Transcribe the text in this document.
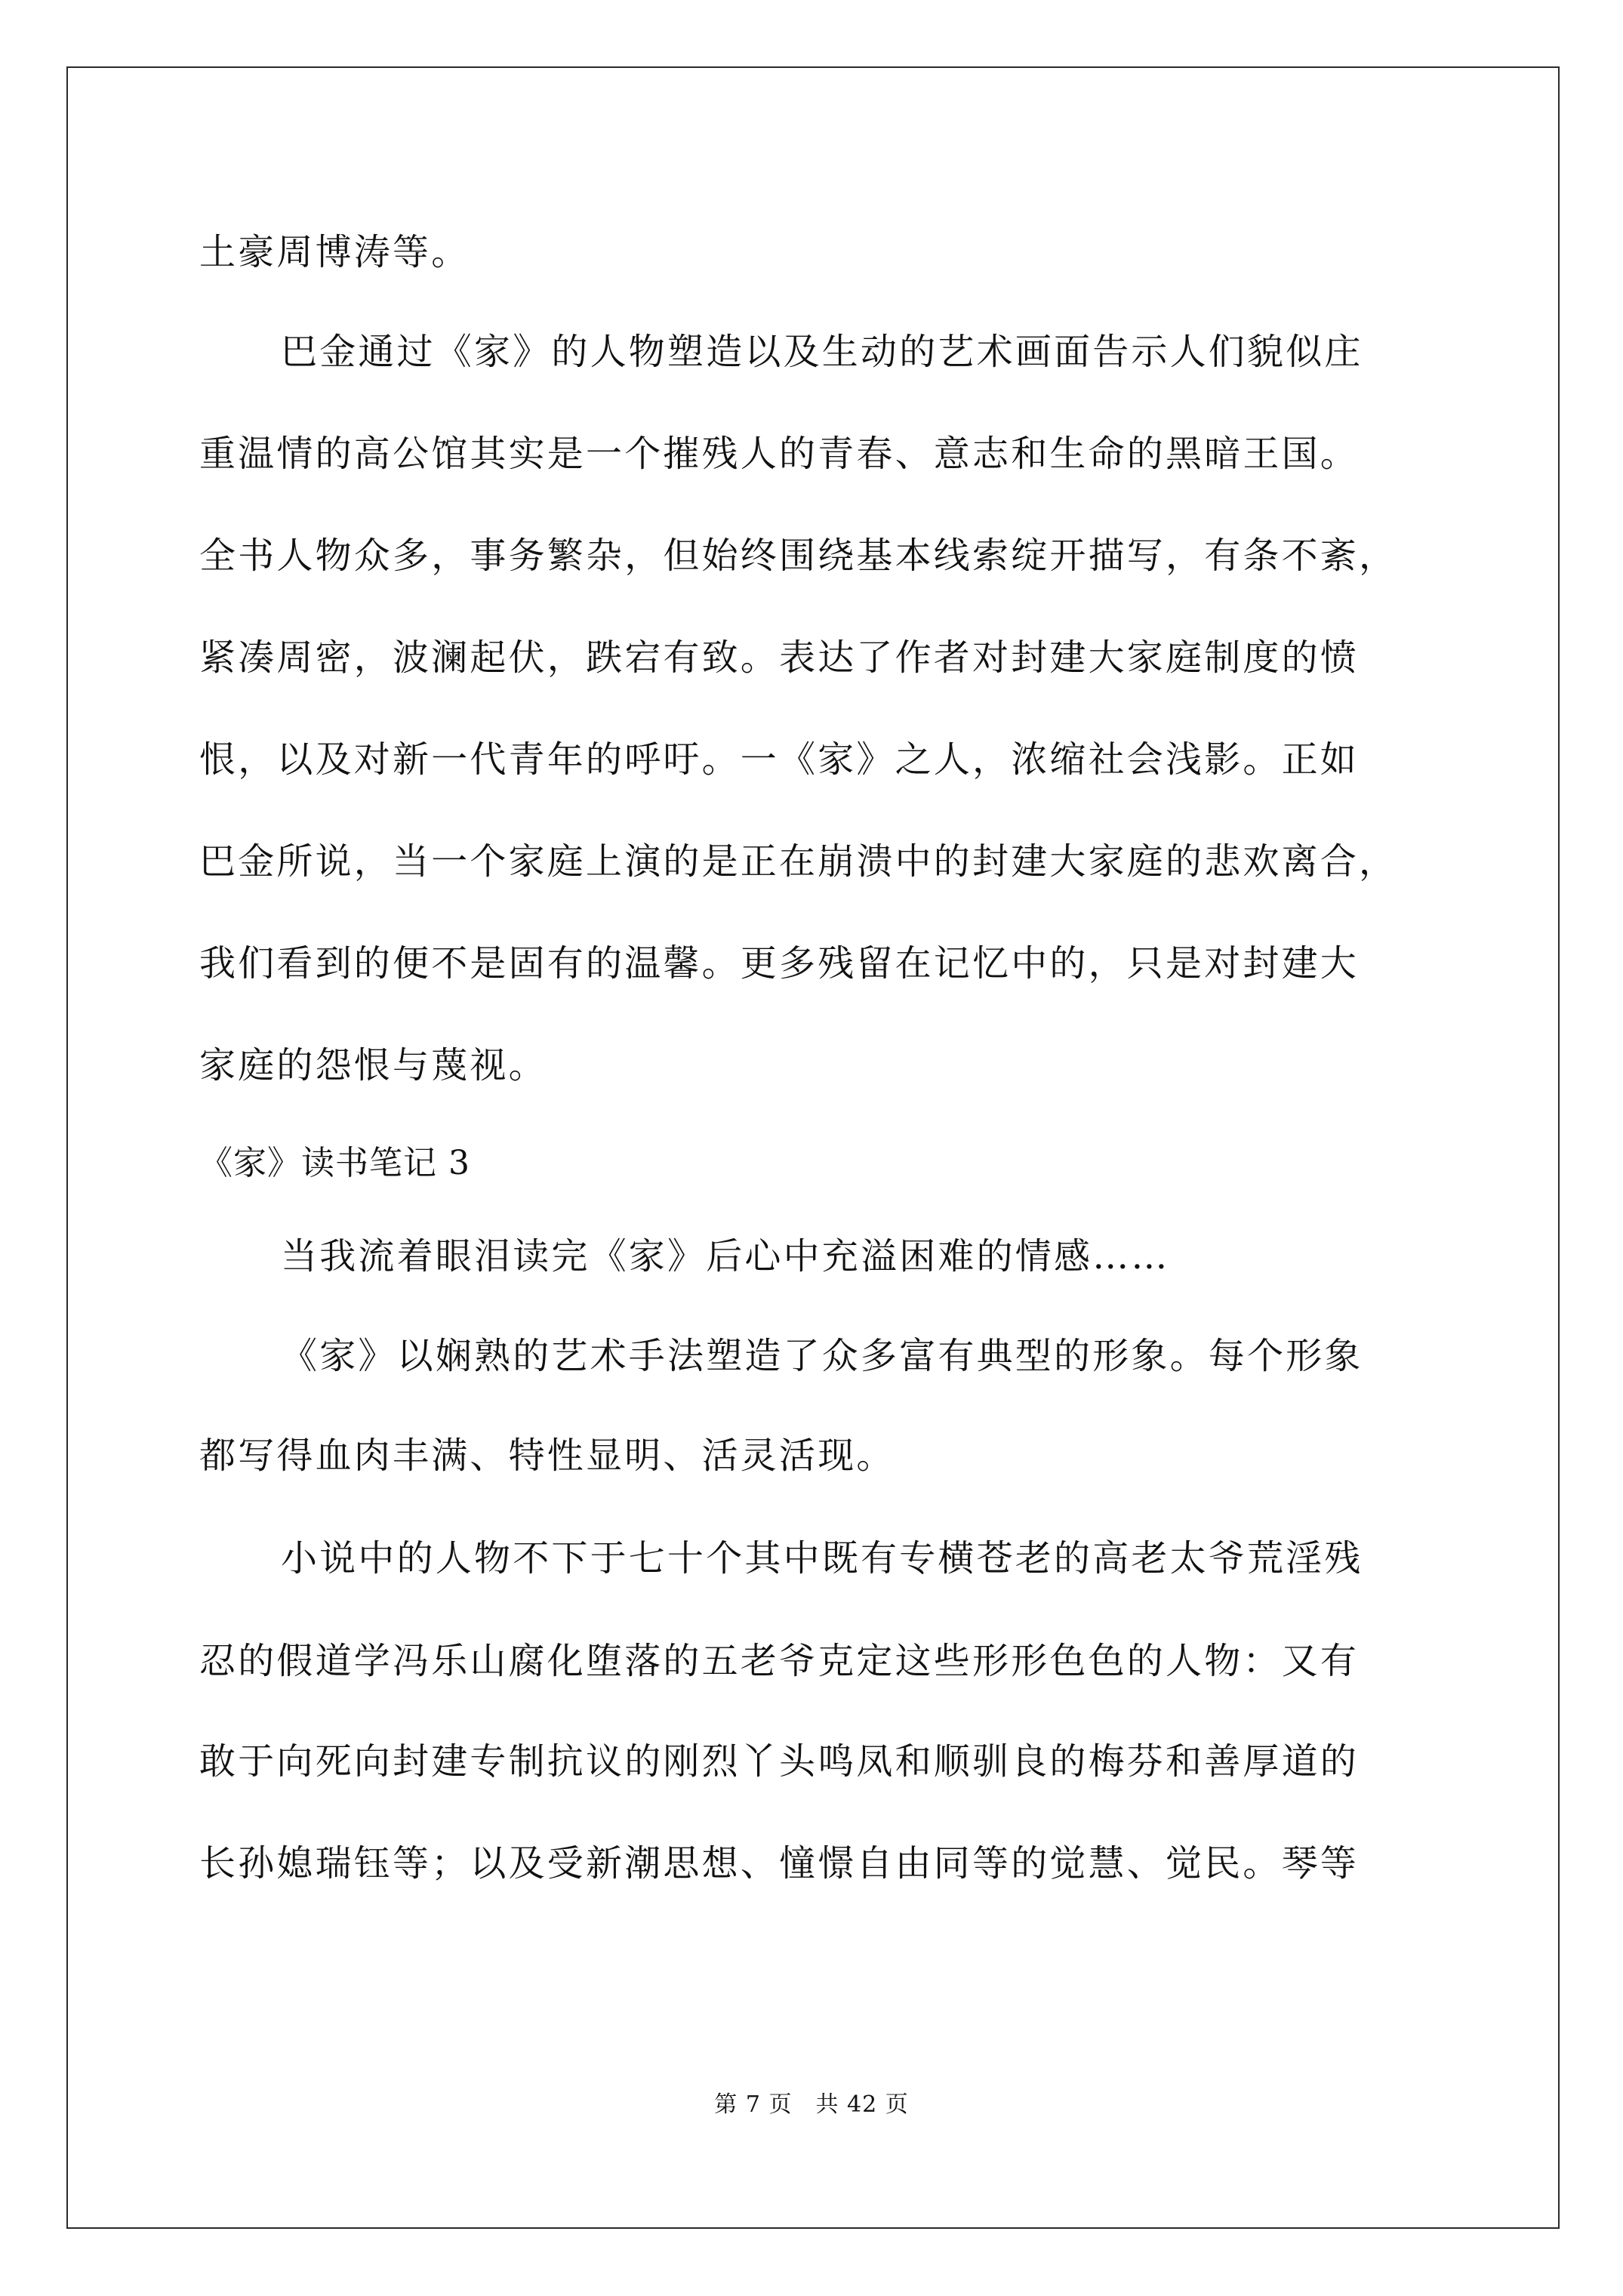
土豪周博涛等。
巴金通过《家》的人物塑造以及生动的艺术画面告示人们貌似庄
重温情的高公馆其实是一个摧残人的青春、意志和生命的黑暗王国。
全书人物众多，事务繁杂，但始终围绕基本线索绽开描写，有条不紊，
紧凑周密，波澜起伏，跌宕有致。表达了作者对封建大家庭制度的愤
恨，以及对新一代青年的呼吁。一《家》之人，浓缩社会浅影。正如
巴金所说，当一个家庭上演的是正在崩溃中的封建大家庭的悲欢离合，
我们看到的便不是固有的温馨。更多残留在记忆中的，只是对封建大
家庭的怨恨与蔑视。
《家》读书笔记 3
当我流着眼泪读完《家》后心中充溢困难的情感……
《家》以娴熟的艺术手法塑造了众多富有典型的形象。每个形象
都写得血肉丰满、特性显明、活灵活现。
小说中的人物不下于七十个其中既有专横苍老的高老太爷荒淫残
忍的假道学冯乐山腐化堕落的五老爷克定这些形形色色的人物：又有
敢于向死向封建专制抗议的刚烈丫头鸣凤和顺驯良的梅芬和善厚道的
长孙媳瑞钰等；以及受新潮思想、憧憬自由同等的觉慧、觉民。琴等
第 7 页　共 42 页
